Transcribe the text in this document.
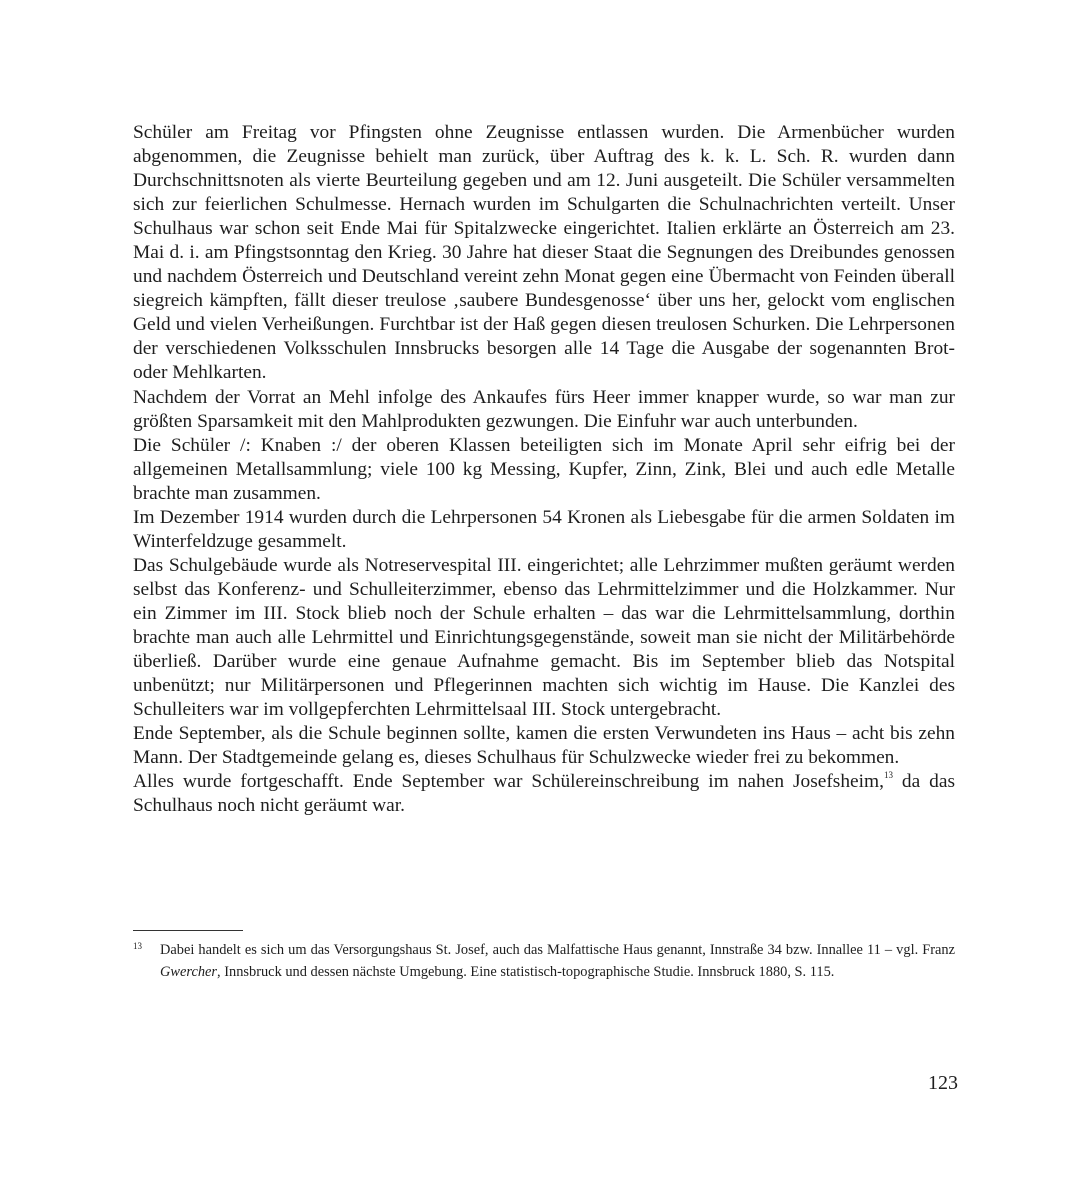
Schüler am Freitag vor Pfingsten ohne Zeugnisse entlassen wurden. Die Armenbücher wurden abgenommen, die Zeugnisse behielt man zurück, über Auftrag des k. k. L. Sch. R. wurden dann Durchschnittsnoten als vierte Beurteilung gegeben und am 12. Juni ausgeteilt. Die Schüler versammelten sich zur feierlichen Schulmesse. Hernach wurden im Schulgarten die Schulnachrichten verteilt. Unser Schulhaus war schon seit Ende Mai für Spitalzwecke eingerichtet. Italien erklärte an Österreich am 23. Mai d. i. am Pfingstsonntag den Krieg. 30 Jahre hat dieser Staat die Segnungen des Dreibundes genossen und nachdem Österreich und Deutschland vereint zehn Monat gegen eine Übermacht von Feinden überall siegreich kämpften, fällt dieser treulose ‚saubere Bundesgenosse‘ über uns her, gelockt vom englischen Geld und vielen Verheißungen. Furchtbar ist der Haß gegen diesen treulosen Schurken. Die Lehrpersonen der verschiedenen Volksschulen Innsbrucks besorgen alle 14 Tage die Ausgabe der sogenannten Brot- oder Mehlkarten.

Nachdem der Vorrat an Mehl infolge des Ankaufes fürs Heer immer knapper wurde, so war man zur größten Sparsamkeit mit den Mahlprodukten gezwungen. Die Einfuhr war auch unterbunden.

Die Schüler /: Knaben :/ der oberen Klassen beteiligten sich im Monate April sehr eifrig bei der allgemeinen Metallsammlung; viele 100 kg Messing, Kupfer, Zinn, Zink, Blei und auch edle Metalle brachte man zusammen.

Im Dezember 1914 wurden durch die Lehrpersonen 54 Kronen als Liebesgabe für die armen Soldaten im Winterfeldzuge gesammelt.

Das Schulgebäude wurde als Notreservespital III. eingerichtet; alle Lehrzimmer mußten geräumt werden selbst das Konferenz- und Schulleiterzimmer, ebenso das Lehrmittelzimmer und die Holzkammer. Nur ein Zimmer im III. Stock blieb noch der Schule erhalten – das war die Lehrmittelsammlung, dorthin brachte man auch alle Lehrmittel und Einrichtungsgegenstände, soweit man sie nicht der Militärbehörde überließ. Darüber wurde eine genaue Aufnahme gemacht. Bis im September blieb das Notspital unbenützt; nur Militärpersonen und Pflegerinnen machten sich wichtig im Hause. Die Kanzlei des Schulleiters war im vollgepferchten Lehrmittelsaal III. Stock untergebracht.

Ende September, als die Schule beginnen sollte, kamen die ersten Verwundeten ins Haus – acht bis zehn Mann. Der Stadtgemeinde gelang es, dieses Schulhaus für Schulzwecke wieder frei zu bekommen.

Alles wurde fortgeschafft. Ende September war Schülereinschreibung im nahen Josefsheim,$^{13}$ da das Schulhaus noch nicht geräumt war.

13	Dabei handelt es sich um das Versorgungshaus St. Josef, auch das Malfattische Haus genannt, Innstraße 34 bzw. Innallee 11 – vgl. Franz Gwercher, Innsbruck und dessen nächste Umgebung. Eine statistisch-topographische Studie. Innsbruck 1880, S. 115.
123
